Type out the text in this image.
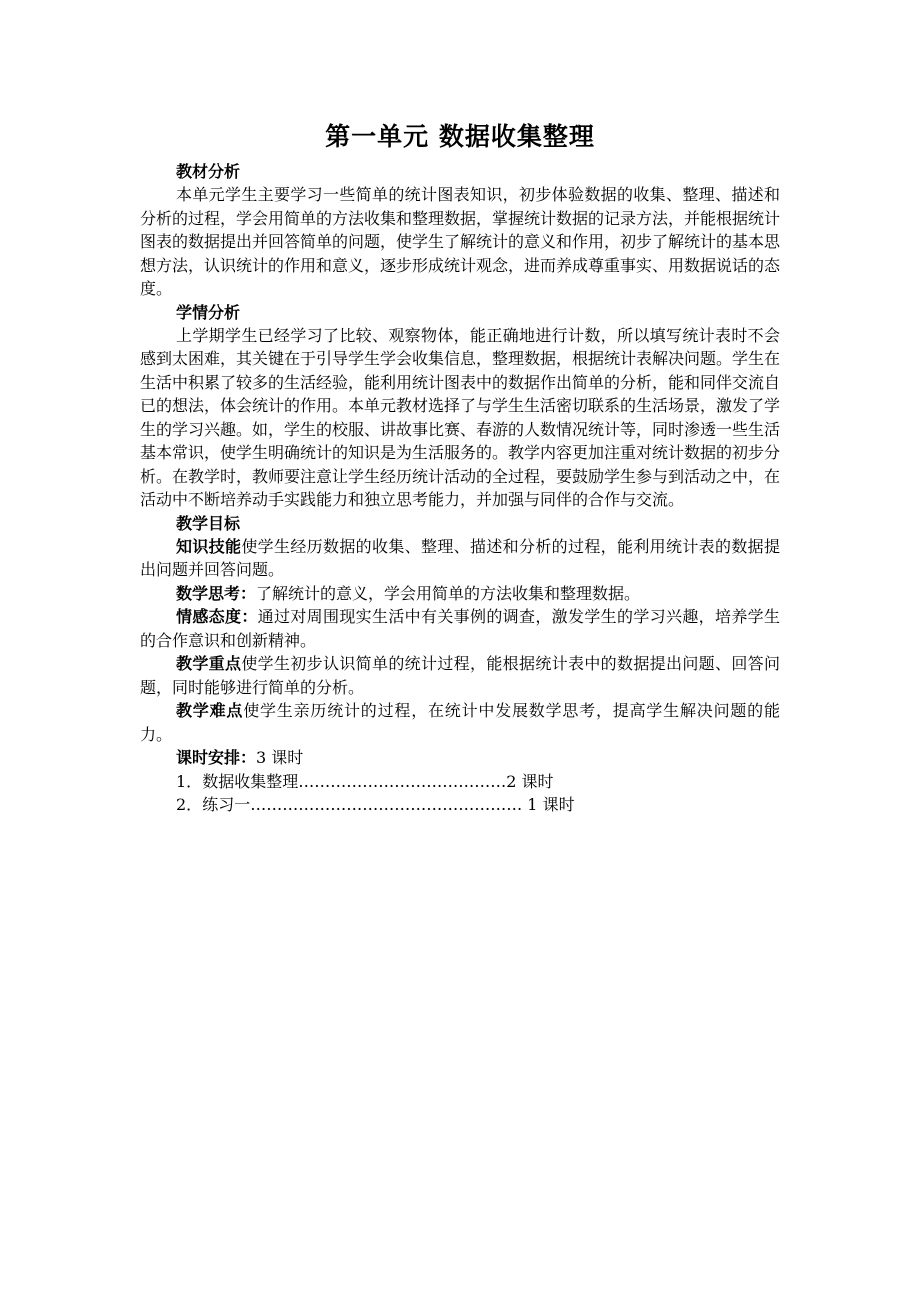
第一单元 数据收集整理
教材分析

本单元学生主要学习一些简单的统计图表知识，初步体验数据的收集、整理、描述和分析的过程，学会用简单的方法收集和整理数据，掌握统计数据的记录方法，并能根据统计图表的数据提出并回答简单的问题，使学生了解统计的意义和作用，初步了解统计的基本思想方法，认识统计的作用和意义，逐步形成统计观念，进而养成尊重事实、用数据说话的态度。

学情分析

上学期学生已经学习了比较、观察物体，能正确地进行计数，所以填写统计表时不会感到太困难，其关键在于引导学生学会收集信息，整理数据，根据统计表解决问题。学生在生活中积累了较多的生活经验，能利用统计图表中的数据作出简单的分析，能和同伴交流自已的想法，体会统计的作用。本单元教材选择了与学生生活密切联系的生活场景，激发了学生的学习兴趣。如，学生的校服、讲故事比赛、春游的人数情况统计等，同时渗透一些生活基本常识，使学生明确统计的知识是为生活服务的。教学内容更加注重对统计数据的初步分析。在教学时，教师要注意让学生经历统计活动的全过程，要鼓励学生参与到活动之中，在活动中不断培养动手实践能力和独立思考能力，并加强与同伴的合作与交流。

教学目标

知识技能使学生经历数据的收集、整理、描述和分析的过程，能利用统计表的数据提出问题并回答问题。

数学思考：了解统计的意义，学会用简单的方法收集和整理数据。

情感态度：通过对周围现实生活中有关事例的调查，激发学生的学习兴趣，培养学生的合作意识和创新精神。

教学重点使学生初步认识简单的统计过程，能根据统计表中的数据提出问题、回答问题，同时能够进行简单的分析。

教学难点使学生亲历统计的过程，在统计中发展数学思考，提高学生解决问题的能力。

课时安排：3 课时
1．数据收集整理…………………………………2 课时
2．练习一…………………………………………… 1 课时
